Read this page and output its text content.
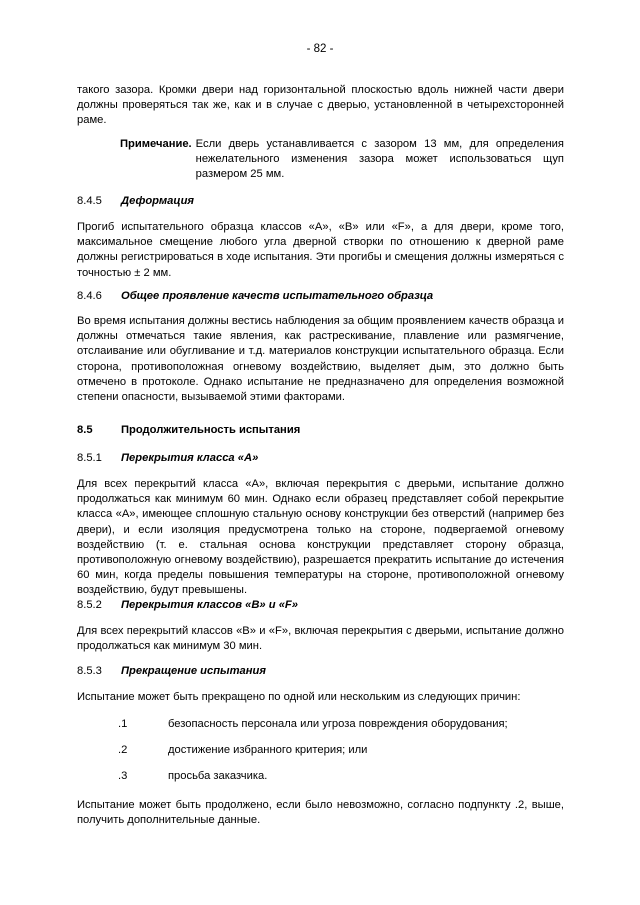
- 82 -

такого зазора. Кромки двери над горизонтальной плоскостью вдоль нижней части двери должны проверяться так же, как и в случае с дверью, установленной в четырехсторонней раме.

Примечание. Если дверь устанавливается с зазором 13 мм, для определения нежелательного изменения зазора может использоваться щуп размером 25 мм.
8.4.5	Деформация

Прогиб испытательного образца классов «А», «В» или «F», а для двери, кроме того, максимальное смещение любого угла дверной створки по отношению к дверной раме должны регистрироваться в ходе испытания. Эти прогибы и смещения должны измеряться с точностью ± 2 мм.

8.4.6	Общее проявление качеств испытательного образца

Во время испытания должны вестись наблюдения за общим проявлением качеств образца и должны отмечаться такие явления, как растрескивание, плавление или размягчение, отслаивание или обугливание и т.д. материалов конструкции испытательного образца. Если сторона, противоположная огневому воздействию, выделяет дым, это должно быть отмечено в протоколе. Однако испытание не предназначено для определения возможной степени опасности, вызываемой этими факторами.

8.5	Продолжительность испытания
8.5.1	Перекрытия класса «А»

Для всех перекрытий класса «А», включая перекрытия с дверьми, испытание должно продолжаться как минимум 60 мин. Однако если образец представляет собой перекрытие класса «А», имеющее сплошную стальную основу конструкции без отверстий (например без двери), и если изоляция предусмотрена только на стороне, подвергаемой огневому воздействию (т. е. стальная основа конструкции представляет сторону образца, противоположную огневому воздействию), разрешается прекратить испытание до истечения 60 мин, когда пределы повышения температуры на стороне, противоположной огневому воздействию, будут превышены.

8.5.2	Перекрытия классов «В» и «F»

Для всех перекрытий классов «В» и «F», включая перекрытия с дверьми, испытание должно продолжаться как минимум 30 мин.

8.5.3	Прекращение испытания

Испытание может быть прекращено по одной или нескольким из следующих причин:

.1	безопасность персонала или угроза повреждения оборудования;
.2	достижение избранного критерия; или
.3	просьба заказчика.

Испытание может быть продолжено, если было невозможно, согласно подпункту .2, выше, получить дополнительные данные.
